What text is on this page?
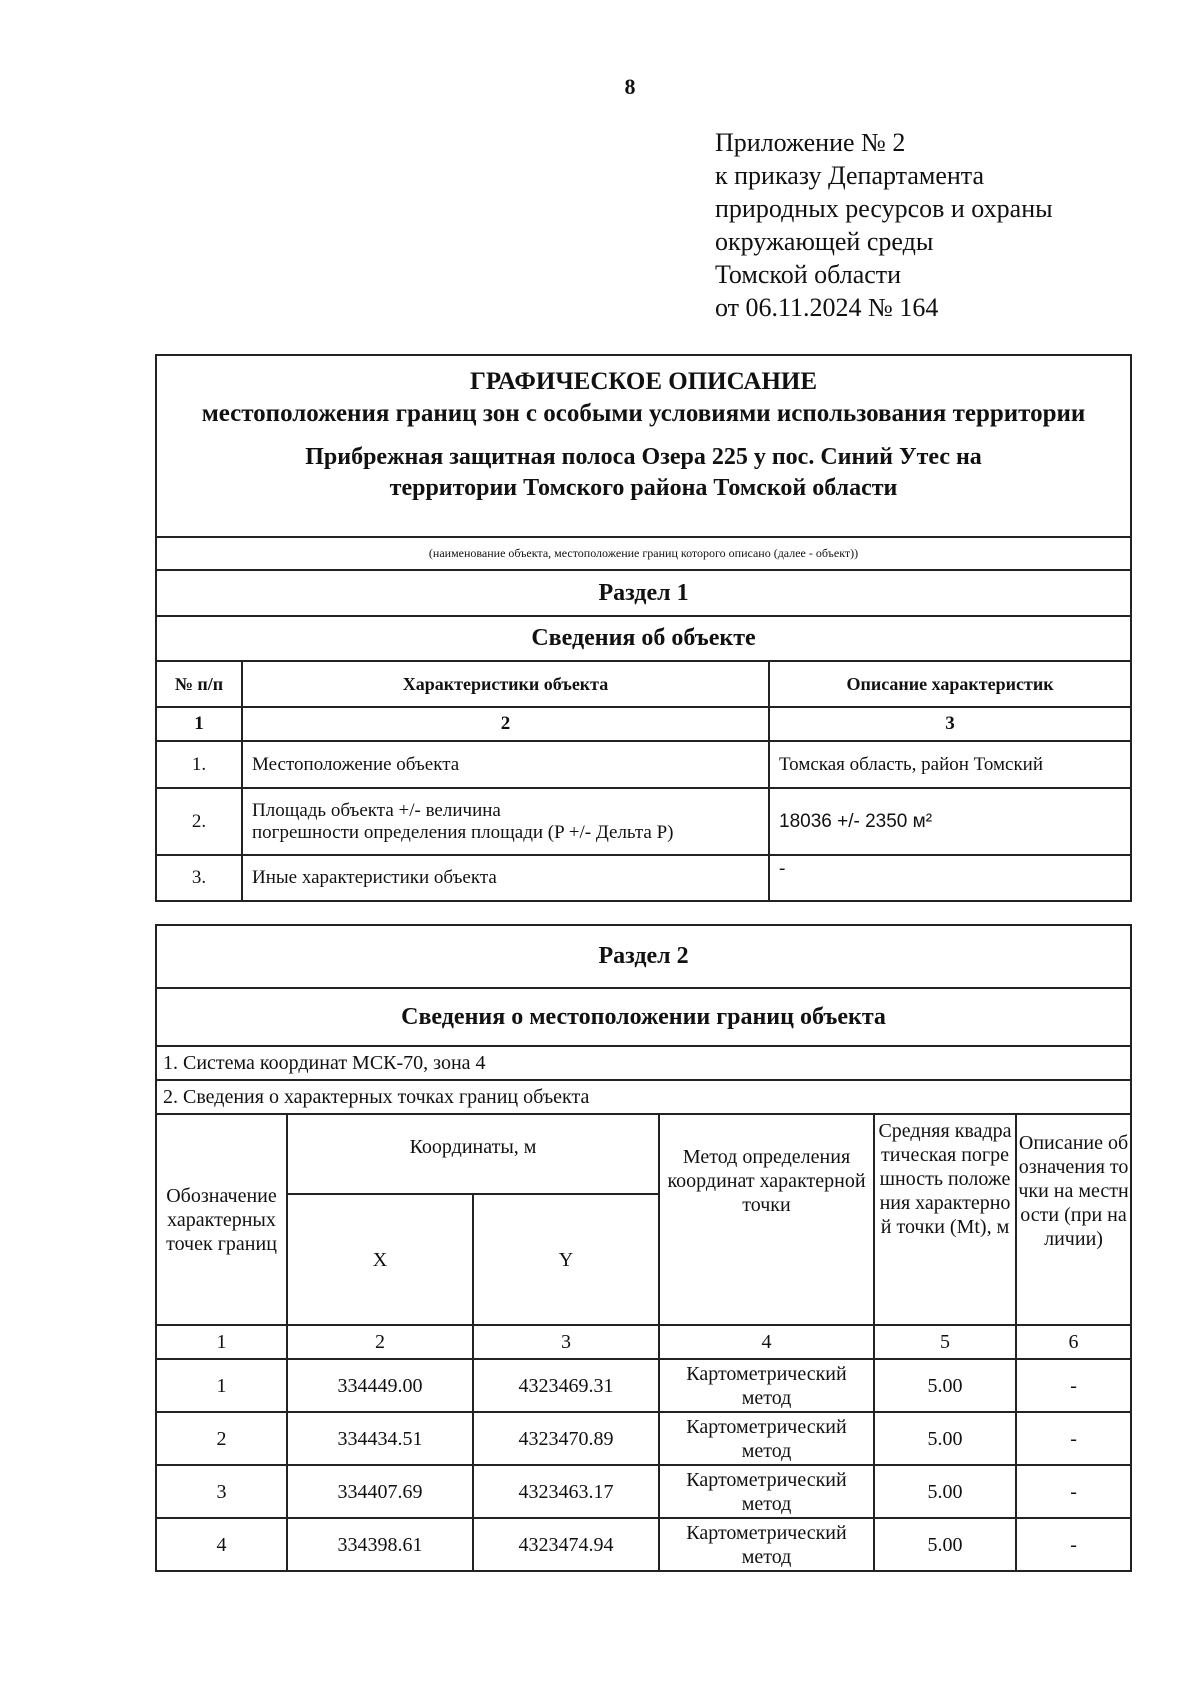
8
Приложение № 2
к приказу Департамента
природных ресурсов и охраны
окружающей среды
Томской области
от 06.11.2024 № 164
ГРАФИЧЕСКОЕ ОПИСАНИЕ
местоположения границ зон с особыми условиями использования территории
Прибрежная защитная полоса Озера 225 у пос. Синий Утес на
территории Томского района Томской области		

(наименование объекта, местоположение границ которого описано (далее - объект))		
Раздел 1		
Сведения об объекте		
№ п/п	Характеристики объекта	Описание характеристик
1	2	3
1.	Местоположение объекта	Томская область, район Томский
2.	Площадь объекта +/- величина
погрешности определения площади (P +/- Дельта P)	18036 +/- 2350 м²
3.	Иные характеристики объекта	-
Раздел 2					
Сведения о местоположении границ объекта					
1. Система координат МСК-70, зона 4					
2. Сведения о характерных точках границ объекта					
Обозначение характерных точек границ	Координаты, м		Метод определения координат характерной точки	Средняя квадратическая погрешность положения характерной точки (Mt), м	Описание обозначения точки на местности (при наличии)
	X	Y			
1	2	3	4	5	6
1	334449.00	4323469.31	Картометрический
метод	5.00	-
2	334434.51	4323470.89	Картометрический
метод	5.00	-
3	334407.69	4323463.17	Картометрический
метод	5.00	-
4	334398.61	4323474.94	Картометрический
метод	5.00	-
